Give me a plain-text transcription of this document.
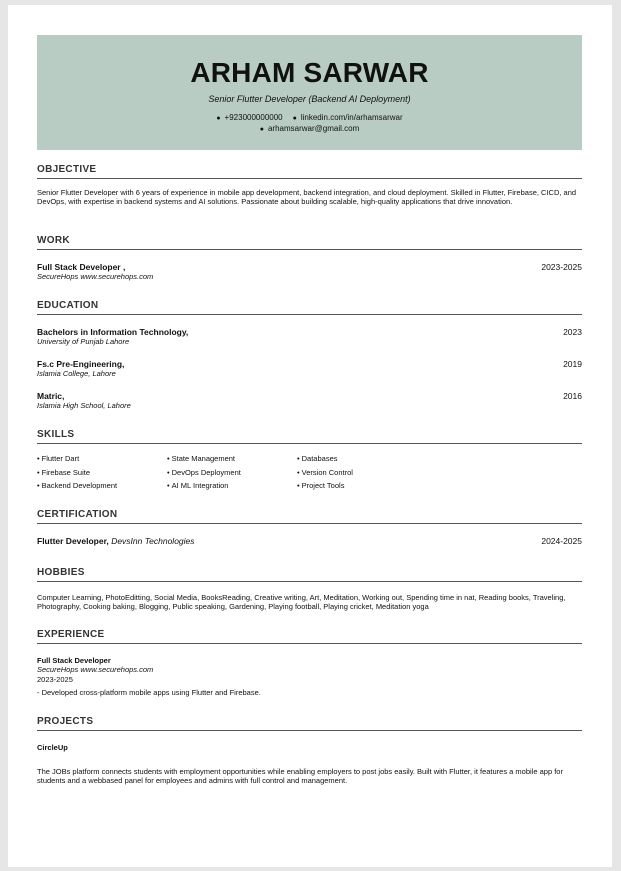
ARHAM SARWAR
Senior Flutter Developer (Backend AI Deployment)
● +923000000000 ● linkedin.com/in/arhamsarwar
● arhamsarwar@gmail.com
OBJECTIVE
Senior Flutter Developer with 6 years of experience in mobile app development, backend integration, and cloud deployment. Skilled in Flutter, Firebase, CICD, and DevOps, with expertise in backend systems and AI solutions. Passionate about building scalable, high-quality applications that drive innovation.
WORK
Full Stack Developer ,
SecureHops www.securehops.com
2023-2025
EDUCATION
Bachelors in Information Technology,
University of Punjab Lahore
2023
Fs.c Pre-Engineering,
Islamia College, Lahore
2019
Matric,
Islamia High School, Lahore
2016
SKILLS
• Flutter Dart	• State Management	• Databases
• Firebase Suite	• DevOps Deployment	• Version Control
• Backend Development	• AI ML Integration	• Project Tools
CERTIFICATION
Flutter Developer, DevsInn Technologies	2024-2025
HOBBIES
Computer Learning, PhotoEditting, Social Media, BooksReading, Creative writing, Art, Meditation, Working out, Spending time in nat, Reading books, Traveling, Photography, Cooking baking, Blogging, Public speaking, Gardening, Playing football, Playing cricket, Meditation yoga
EXPERIENCE
Full Stack Developer
SecureHops www.securehops.com
2023-2025
- Developed cross-platform mobile apps using Flutter and Firebase.
PROJECTS
CircleUp
The JOBs platform connects students with employment opportunities while enabling employers to post jobs easily. Built with Flutter, it features a mobile app for students and a webbased panel for employees and admins with full control and management.
